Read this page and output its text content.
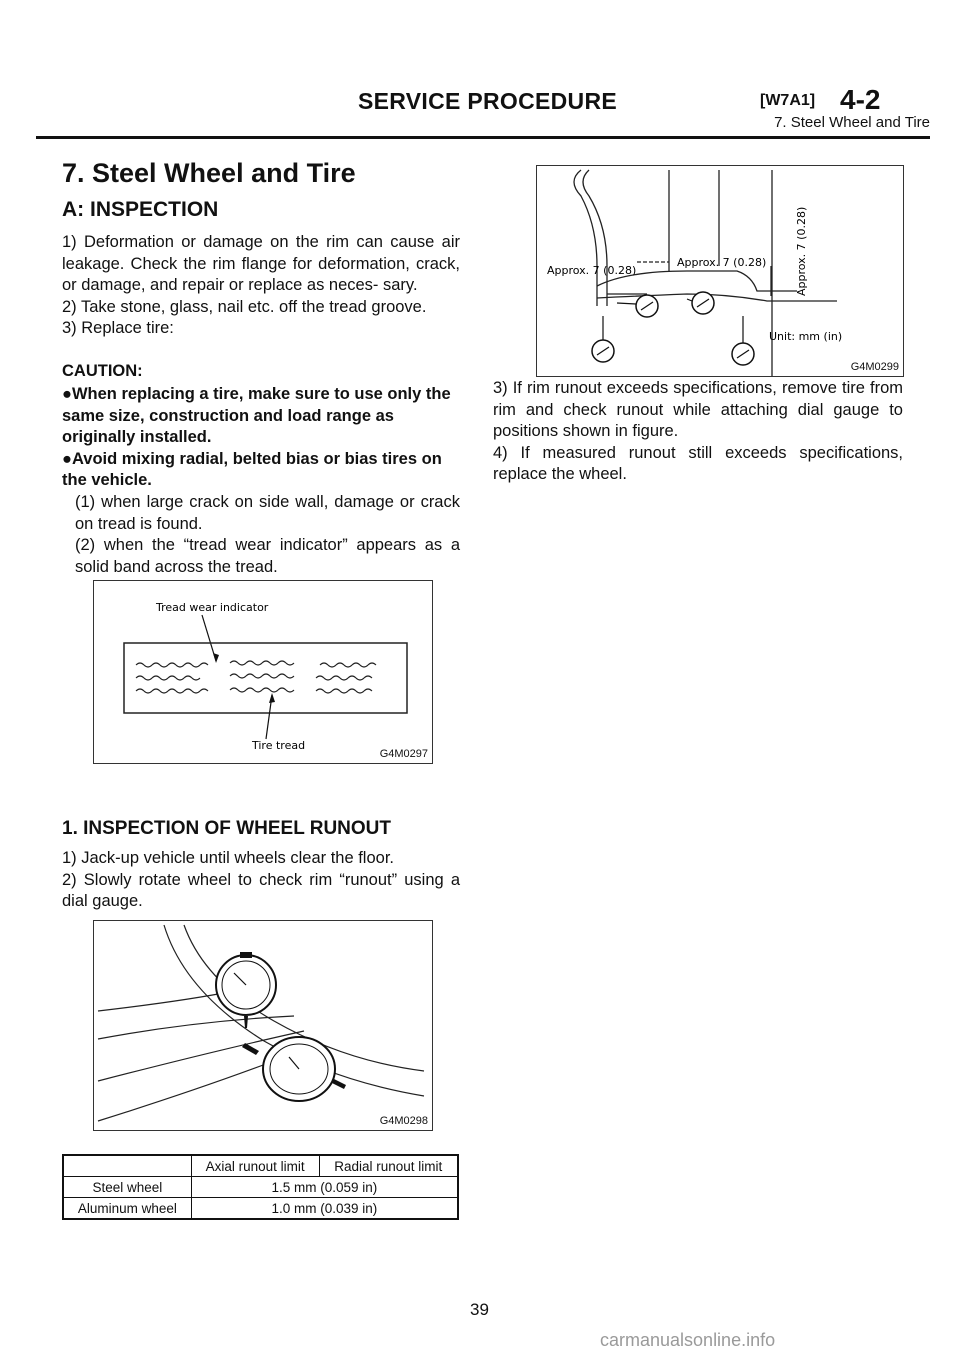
SERVICE PROCEDURE	[W7A1] 4-2
7. Steel Wheel and Tire
7. Steel Wheel and Tire
A: INSPECTION
1) Deformation or damage on the rim can cause air leakage. Check the rim flange for deformation, crack, or damage, and repair or replace as neces- sary.
2) Take stone, glass, nail etc. off the tread groove.
3) Replace tire:
CAUTION:
●When replacing a tire, make sure to use only the same size, construction and load range as originally installed.
●Avoid mixing radial, belted bias or bias tires on the vehicle.
(1) when large crack on side wall, damage or crack on tread is found.
(2) when the “tread wear indicator” appears as a solid band across the tread.
Tread wear indicator
Tire tread
G4M0297
1. INSPECTION OF WHEEL RUNOUT
1) Jack-up vehicle until wheels clear the floor.
2) Slowly rotate wheel to check rim “runout” using a dial gauge.
G4M0298
	Axial runout limit	Radial runout limit
Steel wheel	1.5 mm (0.059 in)	
Aluminum wheel	1.0 mm (0.039 in)	
Approx. 7 (0.28)
Approx. 7 (0.28)	Approx. 7 (0.28)
Unit: mm (in)
G4M0299
3) If rim runout exceeds specifications, remove tire from rim and check runout while attaching dial gauge to positions shown in figure.
4) If measured runout still exceeds specifications, replace the wheel.
39
carmanualsonline.info
